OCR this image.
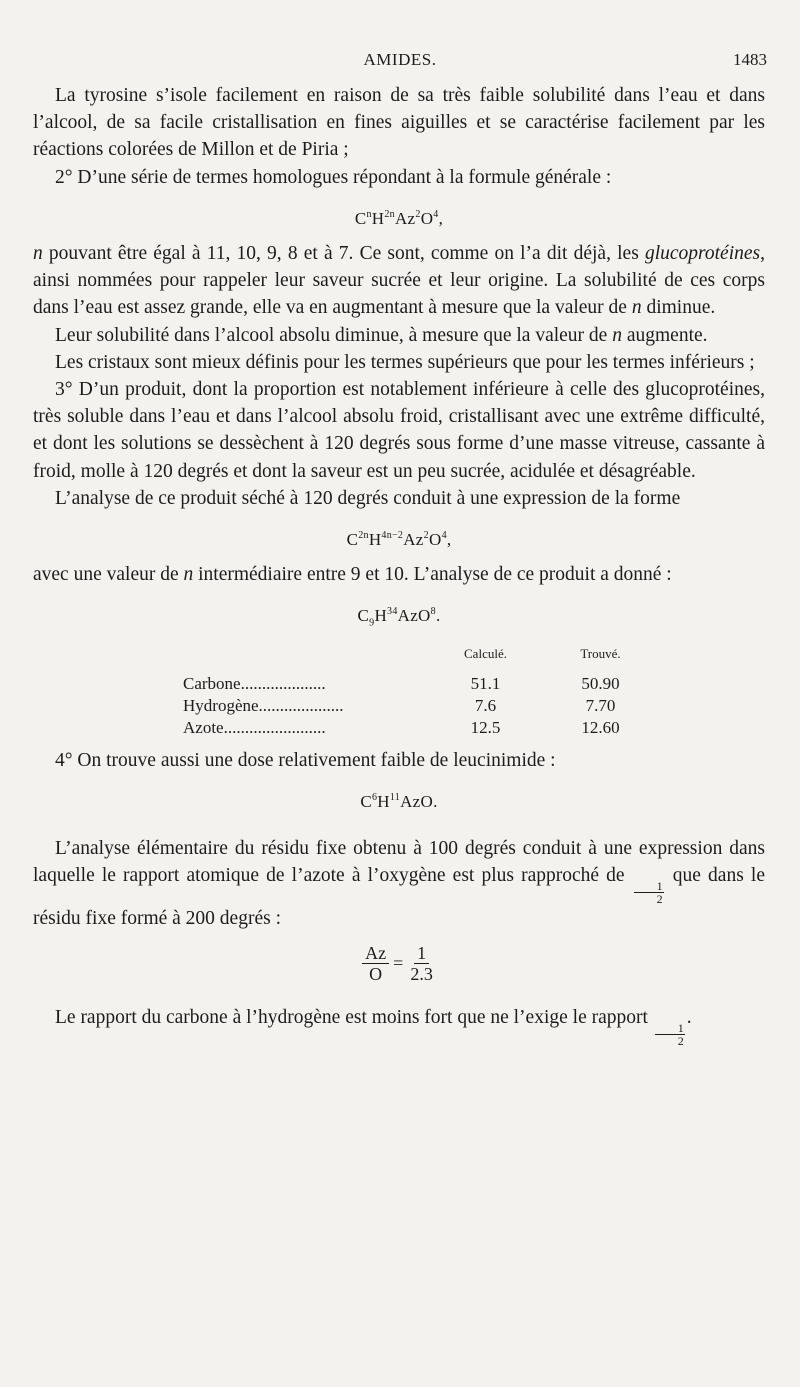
AMIDES.	1483

La tyrosine s’isole facilement en raison de sa très faible solubilité dans l’eau et dans l’alcool, de sa facile cristallisation en fines aiguilles et se caractérise facilement par les réactions colorées de Millon et de Piria ;

2° D’une série de termes homologues répondant à la formule générale :

$C^nH^{2n}Az^2O^4$,

n pouvant être égal à 11, 10, 9, 8 et à 7. Ce sont, comme on l’a dit déjà, les glucoprotéines, ainsi nommées pour rappeler leur saveur sucrée et leur origine. La solubilité de ces corps dans l’eau est assez grande, elle va en augmentant à mesure que la valeur de n diminue.

Leur solubilité dans l’alcool absolu diminue, à mesure que la valeur de n augmente.

Les cristaux sont mieux définis pour les termes supérieurs que pour les termes inférieurs ;

3° D’un produit, dont la proportion est notablement inférieure à celle des glucoprotéines, très soluble dans l’eau et dans l’alcool absolu froid, cristallisant avec une extrême difficulté, et dont les solutions se dessèchent à 120 degrés sous forme d’une masse vitreuse, cassante à froid, molle à 120 degrés et dont la saveur est un peu sucrée, acidulée et désagréable.

L’analyse de ce produit séché à 120 degrés conduit à une expression de la forme

$C^{2n}H^{4n-2}Az^2O^4$,

avec une valeur de n intermédiaire entre 9 et 10. L’analyse de ce produit a donné :

$C_9H^{34}AzO^8$.
	Calculé.	Trouvé.
Carbone....................	51.1	50.90
Hydrogène....................	7.6	7.70
Azote........................	12.5	12.60

4° On trouve aussi une dose relativement faible de leucinimide :

$C^6H^{11}AzO$.

L’analyse élémentaire du résidu fixe obtenu à 100 degrés conduit à une expression dans laquelle le rapport atomique de l’azote à l’oxygène est plus rapproché de
$\frac{1}{2}$
que dans le résidu fixe formé à 200 degrés :

$\frac{Az}{O} = \frac{1}{2.3}$

Le rapport du carbone à l’hydrogène est moins fort que ne l’exige le rapport
$\frac{1}{2}$
.
